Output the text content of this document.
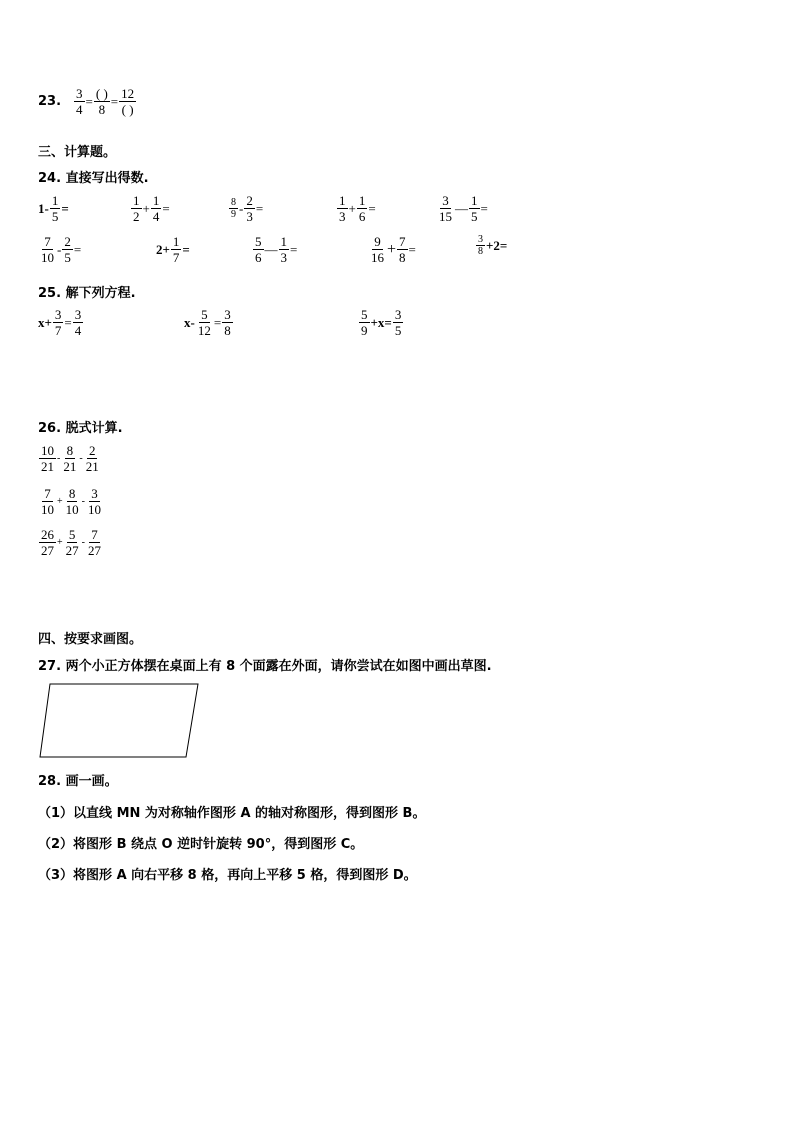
23. $\frac{3}{4} = \frac{( )}{8} = \frac{12}{( )}$
三、计算题。
24. 直接写出得数.
$1- \frac{1}{5}$ =	$\frac{1}{2} + \frac{1}{4}$ =	$\frac{8}{9} - \frac{2}{3}$ =	$\frac{1}{3} + \frac{1}{6}$ =	$\frac{3}{15}$ — $\frac{1}{5}$ =
$\frac{7}{10} - \frac{2}{5}$ =	$2+ \frac{1}{7}$ =	$\frac{5}{6}$ — $\frac{1}{3}$ =	$\frac{9}{16} + \frac{7}{8}$ =	$\frac{3}{8} +2=$
25. 解下列方程.
$x+ \frac{3}{7} = \frac{3}{4}$	$x- \frac{5}{12} = \frac{3}{8}$	$\frac{5}{9} +x= \frac{3}{5}$
26. 脱式计算.
$\frac{10}{21} - \frac{8}{21} - \frac{2}{21}$
$\frac{7}{10} + \frac{8}{10} - \frac{3}{10}$
$\frac{26}{27} + \frac{5}{27} - \frac{7}{27}$
四、按要求画图。
27. 两个小正方体摆在桌面上有 8 个面露在外面，请你尝试在如图中画出草图.
28. 画一画。
（1）以直线 MN 为对称轴作图形 A 的轴对称图形，得到图形 B。
（2）将图形 B 绕点 O 逆时针旋转 90°，得到图形 C。
（3）将图形 A 向右平移 8 格，再向上平移 5 格，得到图形 D。
